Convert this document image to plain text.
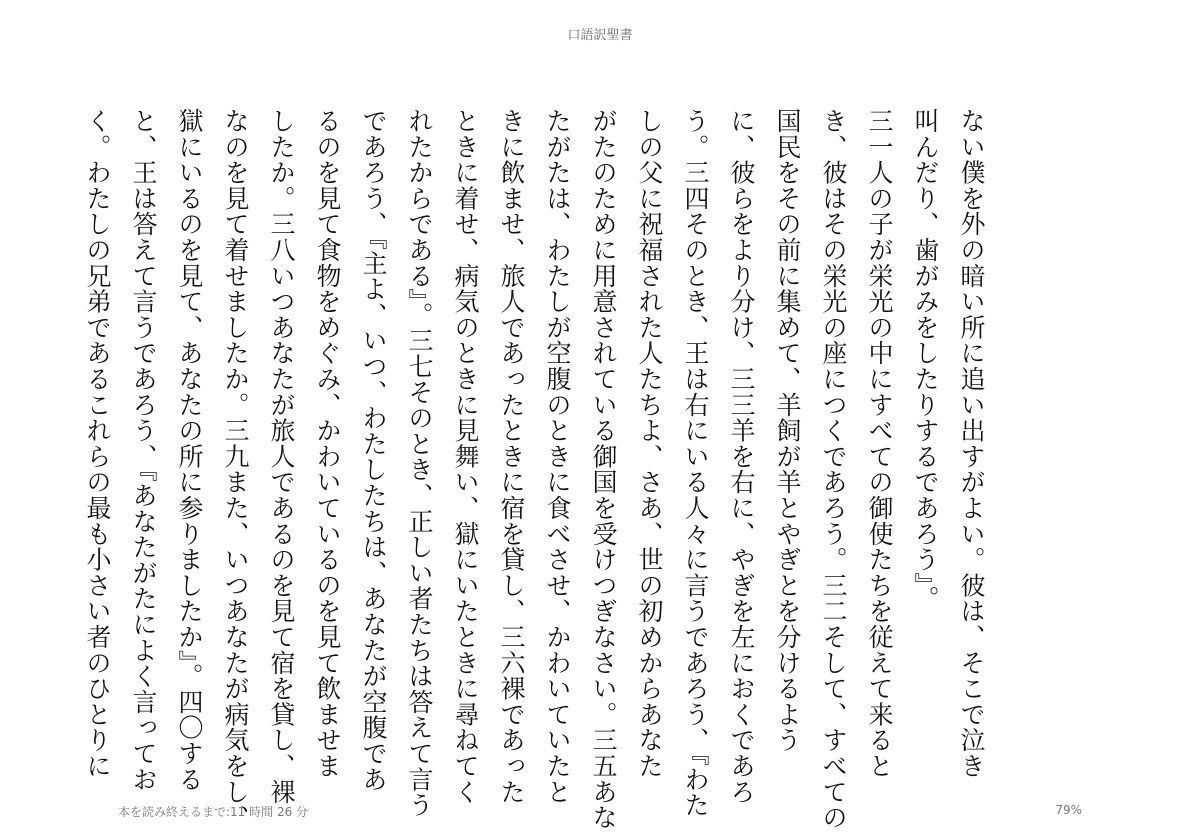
口語訳聖書
ない僕を外の暗い所に追い出すがよい。彼は、そこで泣き
叫んだり、歯がみをしたりするであろう』。
三一人の子が栄光の中にすべての御使たちを従えて来ると
き、彼はその栄光の座につくであろう。三二そして、すべての
国民をその前に集めて、羊飼が羊とやぎとを分けるよう
に、彼らをより分け、三三羊を右に、やぎを左におくであろ
う。三四そのとき、王は右にいる人々に言うであろう、『わた
しの父に祝福された人たちよ、さあ、世の初めからあなた
がたのために用意されている御国を受けつぎなさい。三五あな
たがたは、わたしが空腹のときに食べさせ、かわいていたと
きに飲ませ、旅人であったときに宿を貸し、三六裸であった
ときに着せ、病気のときに見舞い、獄にいたときに尋ねてく
れたからである』。三七そのとき、正しい者たちは答えて言う
であろう、『主よ、いつ、わたしたちは、あなたが空腹であ
るのを見て食物をめぐみ、かわいているのを見て飲ませま
したか。三八いつあなたが旅人であるのを見て宿を貸し、裸
なのを見て着せましたか。三九また、いつあなたが病気をし、
獄にいるのを見て、あなたの所に参りましたか』。四〇する
と、王は答えて言うであろう、『あなたがたによく言ってお
く。わたしの兄弟であるこれらの最も小さい者のひとりに
本を読み終えるまで:11 時間 26 分	79%
